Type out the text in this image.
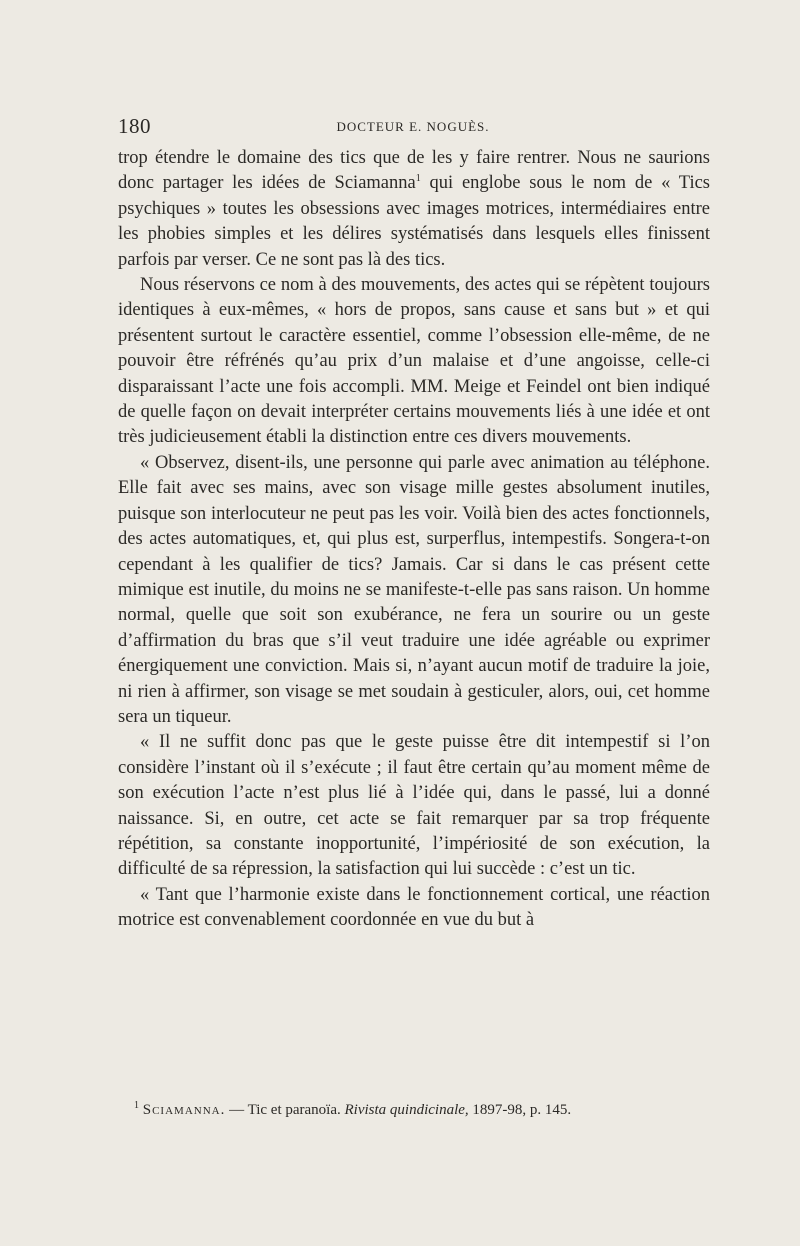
180	DOCTEUR E. NOGUÈS.

trop étendre le domaine des tics que de les y faire rentrer. Nous ne saurions donc partager les idées de Sciamanna$^1$ qui englobe sous le nom de « Tics psychiques » toutes les obsessions avec images motrices, intermédiaires entre les phobies simples et les délires systématisés dans lesquels elles finissent parfois par verser. Ce ne sont pas là des tics.

Nous réservons ce nom à des mouvements, des actes qui se répètent toujours identiques à eux-mêmes, « hors de propos, sans cause et sans but » et qui présentent surtout le caractère essentiel, comme l’obsession elle-même, de ne pouvoir être réfrénés qu’au prix d’un malaise et d’une angoisse, celle-ci disparaissant l’acte une fois accompli. MM. Meige et Feindel ont bien indiqué de quelle façon on devait interpréter certains mouvements liés à une idée et ont très judicieusement établi la distinction entre ces divers mouvements.

« Observez, disent-ils, une personne qui parle avec animation au téléphone. Elle fait avec ses mains, avec son visage mille gestes absolument inutiles, puisque son interlocuteur ne peut pas les voir. Voilà bien des actes fonctionnels, des actes automatiques, et, qui plus est, surperflus, intempestifs. Songera-t-on cependant à les qualifier de tics? Jamais. Car si dans le cas présent cette mimique est inutile, du moins ne se manifeste-t-elle pas sans raison. Un homme normal, quelle que soit son exubérance, ne fera un sourire ou un geste d’affirmation du bras que s’il veut traduire une idée agréable ou exprimer énergiquement une conviction. Mais si, n’ayant aucun motif de traduire la joie, ni rien à affirmer, son visage se met soudain à gesticuler, alors, oui, cet homme sera un tiqueur.

« Il ne suffit donc pas que le geste puisse être dit intempestif si l’on considère l’instant où il s’exécute ; il faut être certain qu’au moment même de son exécution l’acte n’est plus lié à l’idée qui, dans le passé, lui a donné naissance. Si, en outre, cet acte se fait remarquer par sa trop fréquente répétition, sa constante inopportunité, l’impériosité de son exécution, la difficulté de sa répression, la satisfaction qui lui succède : c’est un tic.

« Tant que l’harmonie existe dans le fonctionnement cortical, une réaction motrice est convenablement coordonnée en vue du but à

$^1$ Sciamanna. — Tic et paranoïa. Rivista quindicinale, 1897-98, p. 145.
